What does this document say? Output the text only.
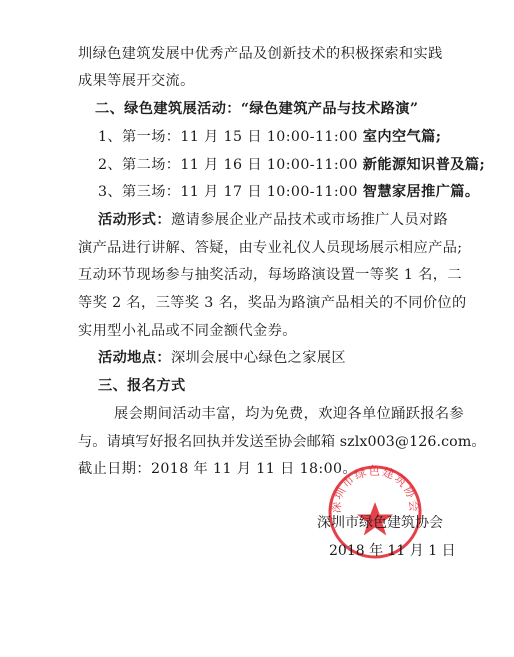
圳绿色建筑发展中优秀产品及创新技术的积极探索和实践
成果等展开交流。
二、绿色建筑展活动：“绿色建筑产品与技术路演”
1、第一场：11 月 15 日 10:00-11:00 室内空气篇;
2、第二场：11 月 16 日 10:00-11:00 新能源知识普及篇;
3、第三场：11 月 17 日 10:00-11:00 智慧家居推广篇。
活动形式：邀请参展企业产品技术或市场推广人员对路
演产品进行讲解、答疑，由专业礼仪人员现场展示相应产品;
互动环节现场参与抽奖活动，每场路演设置一等奖 1 名，二
等奖 2 名，三等奖 3 名，奖品为路演产品相关的不同价位的
实用型小礼品或不同金额代金券。
活动地点：深圳会展中心绿色之家展区
三、报名方式
展会期间活动丰富，均为免费，欢迎各单位踊跃报名参
与。请填写好报名回执并发送至协会邮箱 szlx003@126.com。
截止日期：2018 年 11 月 11 日 18:00。
深圳市绿色建筑协会
深圳市绿色建筑协会
2018 年 11 月 1 日
